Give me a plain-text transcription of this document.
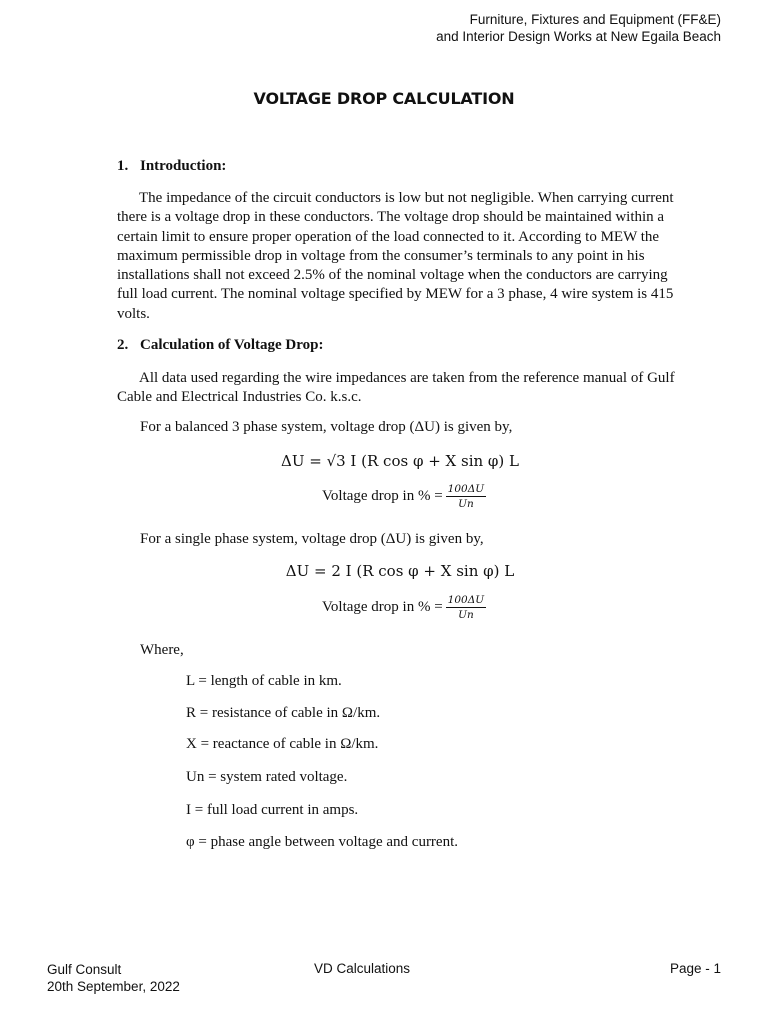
Furniture, Fixtures and Equipment (FF&E)
and Interior Design Works at New Egaila Beach
VOLTAGE DROP CALCULATION
1. Introduction:

The impedance of the circuit conductors is low but not negligible. When carrying current there is a voltage drop in these conductors. The voltage drop should be maintained within a certain limit to ensure proper operation of the load connected to it. According to MEW the maximum permissible drop in voltage from the consumer’s terminals to any point in his installations shall not exceed 2.5% of the nominal voltage when the conductors are carrying full load current. The nominal voltage specified by MEW for a 3 phase, 4 wire system is 415 volts.

2. Calculation of Voltage Drop:

All data used regarding the wire impedances are taken from the reference manual of Gulf Cable and Electrical Industries Co. k.s.c.

For a balanced 3 phase system, voltage drop (ΔU) is given by,
ΔU = √3 I (R cos φ + X sin φ) L
Voltage drop in % = $\frac{100\Delta U}{Un}$
For a single phase system, voltage drop (ΔU) is given by,
ΔU = 2 I (R cos φ + X sin φ) L
Voltage drop in % = $\frac{100\Delta U}{Un}$
Where,
L = length of cable in km.
R = resistance of cable in Ω/km.
X = reactance of cable in Ω/km.
Un = system rated voltage.
I = full load current in amps.
φ = phase angle between voltage and current.
Gulf Consult
20th September, 2022
VD Calculations	Page - 1
